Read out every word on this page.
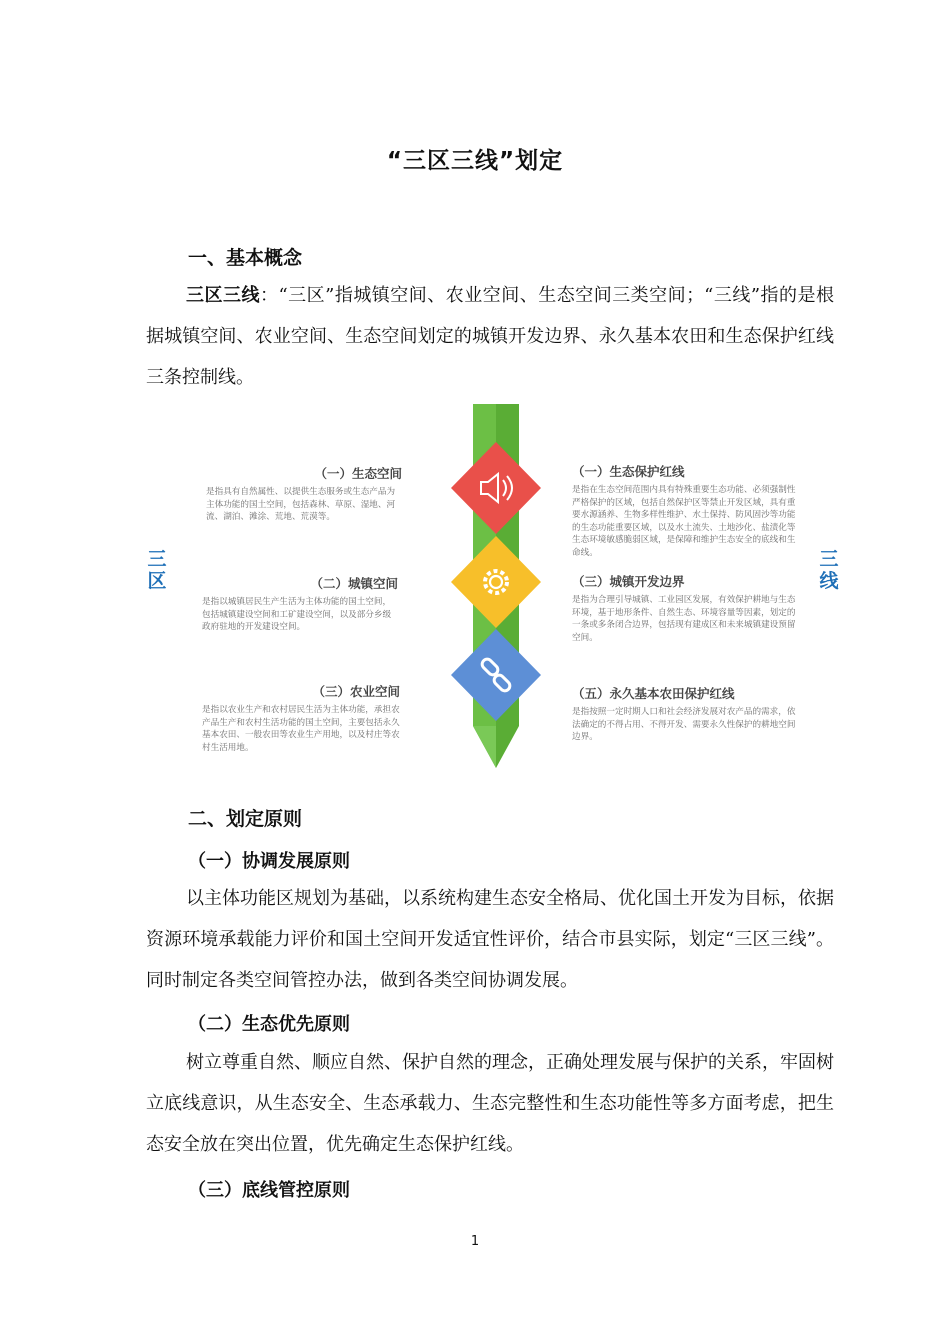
“三区三线”划定
一、基本概念
三区三线：“三区”指城镇空间、农业空间、生态空间三类空间；“三线”指的是根据城镇空间、农业空间、生态空间划定的城镇开发边界、永久基本农田和生态保护红线三条控制线。
三区
三线
（一）生态空间
是指具有自然属性、以提供生态服务或生态产品为主体功能的国土空间，包括森林、草原、湿地、河流、湖泊、滩涂、荒地、荒漠等。
（二）城镇空间
是指以城镇居民生产生活为主体功能的国土空间，包括城镇建设空间和工矿建设空间，以及部分乡级政府驻地的开发建设空间。
（三）农业空间
是指以农业生产和农村居民生活为主体功能，承担农产品生产和农村生活功能的国土空间，主要包括永久基本农田、一般农田等农业生产用地，以及村庄等农村生活用地。
（一）生态保护红线
是指在生态空间范围内具有特殊重要生态功能、必须强制性严格保护的区域，包括自然保护区等禁止开发区域，具有重要水源涵养、生物多样性维护、水土保持、防风固沙等功能的生态功能重要区域，以及水土流失、土地沙化、盐渍化等生态环境敏感脆弱区域，是保障和维护生态安全的底线和生命线。
（三）城镇开发边界
是指为合理引导城镇、工业园区发展，有效保护耕地与生态环境，基于地形条件、自然生态、环境容量等因素，划定的一条或多条闭合边界，包括现有建成区和未来城镇建设预留空间。
（五）永久基本农田保护红线
是指按照一定时期人口和社会经济发展对农产品的需求，依法确定的不得占用、不得开发、需要永久性保护的耕地空间边界。
二、划定原则
（一）协调发展原则
以主体功能区规划为基础，以系统构建生态安全格局、优化国土开发为目标，依据资源环境承载能力评价和国土空间开发适宜性评价，结合市县实际，划定“三区三线”。同时制定各类空间管控办法，做到各类空间协调发展。
（二）生态优先原则
树立尊重自然、顺应自然、保护自然的理念，正确处理发展与保护的关系，牢固树立底线意识，从生态安全、生态承载力、生态完整性和生态功能性等多方面考虑，把生态安全放在突出位置，优先确定生态保护红线。
（三）底线管控原则
1
